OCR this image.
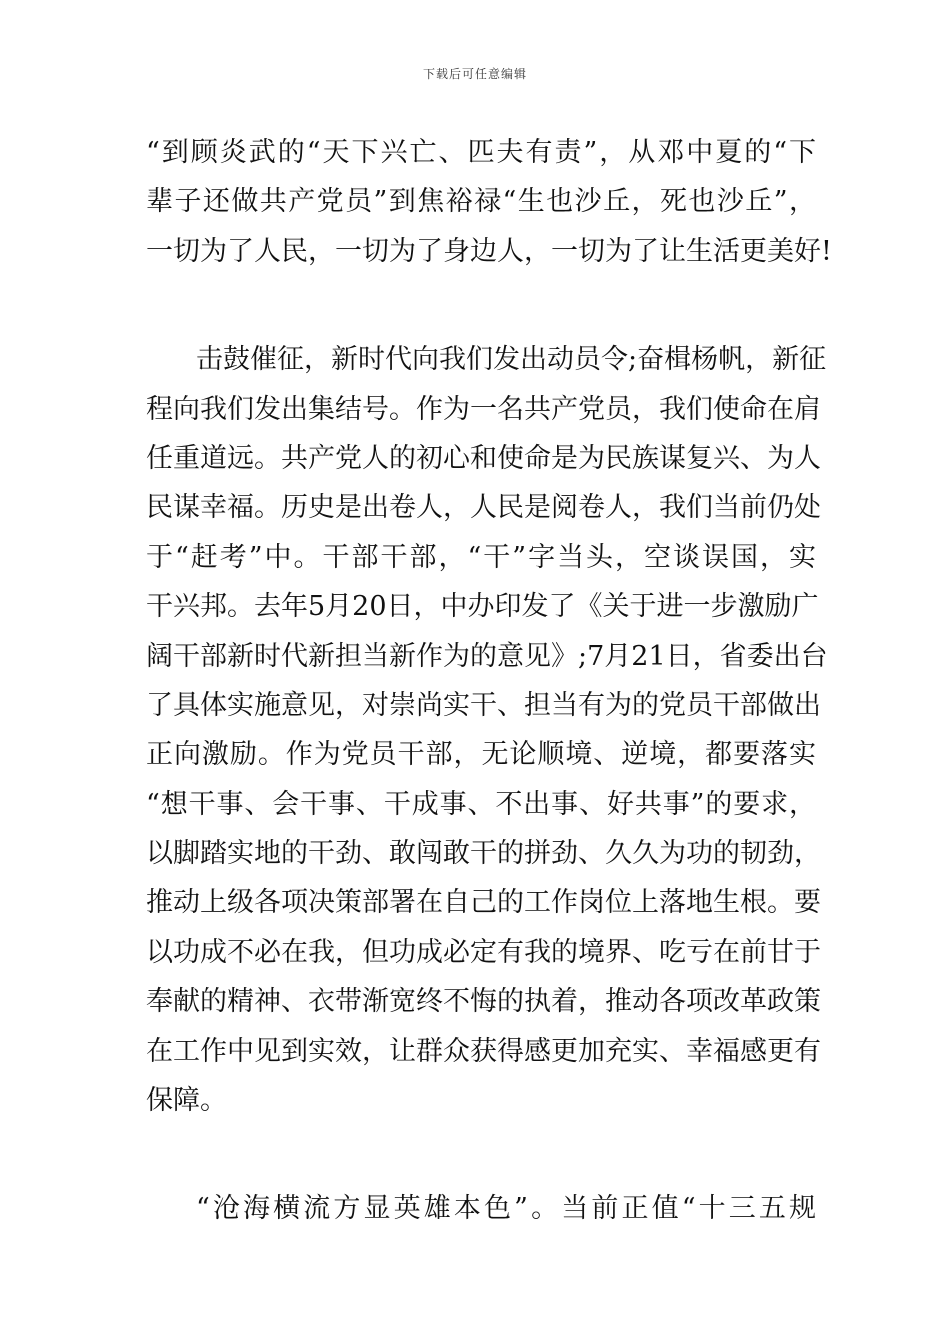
下载后可任意编辑
“到顾炎武的“天下兴亡、匹夫有责”，从邓中夏的“下
辈子还做共产党员”到焦裕禄“生也沙丘，死也沙丘”，
一切为了人民，一切为了身边人，一切为了让生活更美好!
击鼓催征，新时代向我们发出动员令;奋楫杨帆，新征
程向我们发出集结号。作为一名共产党员，我们使命在肩
任重道远。共产党人的初心和使命是为民族谋复兴、为人
民谋幸福。历史是出卷人，人民是阅卷人，我们当前仍处
于“赶考”中。干部干部，“干”字当头，空谈误国，实
干兴邦。去年5月20日，中办印发了《关于进一步激励广
阔干部新时代新担当新作为的意见》;7月21日，省委出台
了具体实施意见，对崇尚实干、担当有为的党员干部做出
正向激励。作为党员干部，无论顺境、逆境，都要落实
“想干事、会干事、干成事、不出事、好共事”的要求，
以脚踏实地的干劲、敢闯敢干的拼劲、久久为功的韧劲，
推动上级各项决策部署在自己的工作岗位上落地生根。要
以功成不必在我，但功成必定有我的境界、吃亏在前甘于
奉献的精神、衣带渐宽终不悔的执着，推动各项改革政策
在工作中见到实效，让群众获得感更加充实、幸福感更有
保障。
“沧海横流方显英雄本色”。当前正值“十三五规
